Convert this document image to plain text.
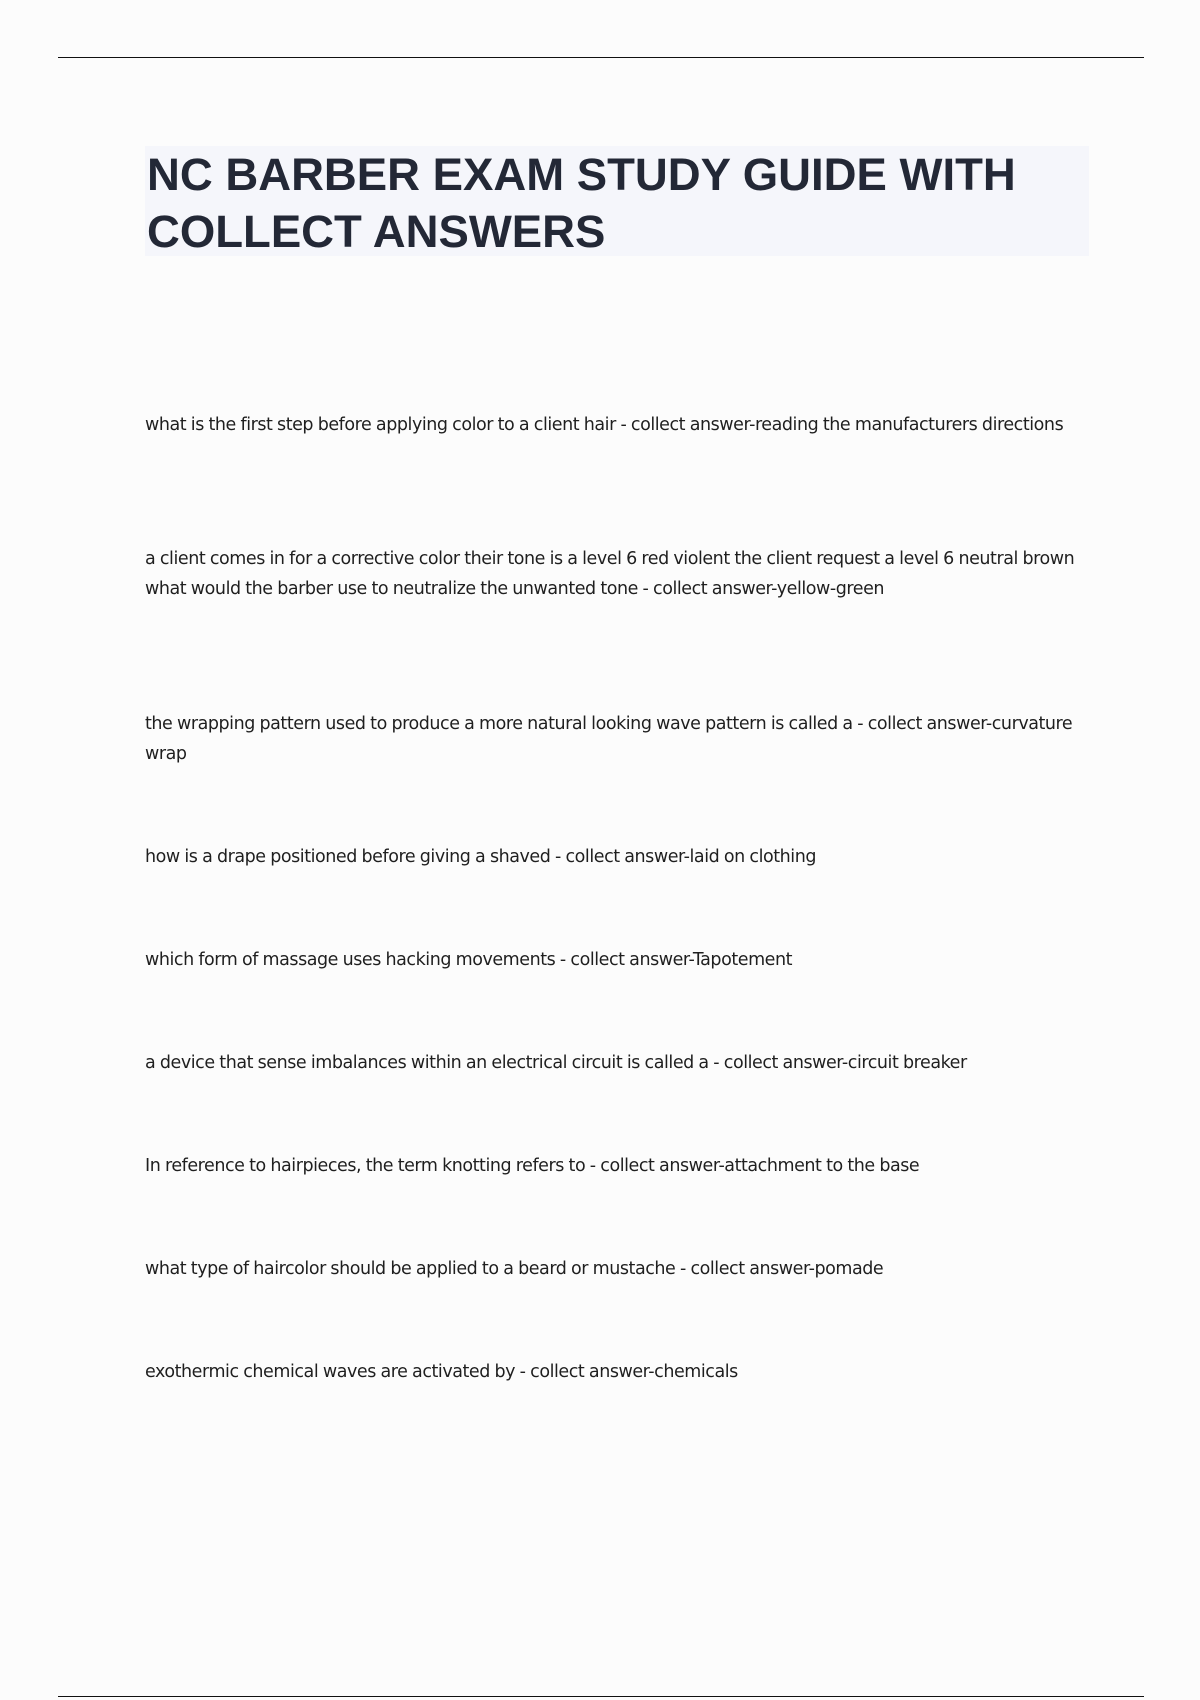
NC BARBER EXAM STUDY GUIDE WITH COLLECT ANSWERS

what is the first step before applying color to a client hair - collect answer-reading the manufacturers directions

a client comes in for a corrective color their tone is a level 6 red violent the client request a level 6 neutral brown what would the barber use to neutralize the unwanted tone - collect answer-yellow-green

the wrapping pattern used to produce a more natural looking wave pattern is called a - collect answer-curvature wrap

how is a drape positioned before giving a shaved - collect answer-laid on clothing

which form of massage uses hacking movements - collect answer-Tapotement

a device that sense imbalances within an electrical circuit is called a - collect answer-circuit breaker

In reference to hairpieces, the term knotting refers to - collect answer-attachment to the base

what type of haircolor should be applied to a beard or mustache - collect answer-pomade

exothermic chemical waves are activated by - collect answer-chemicals
